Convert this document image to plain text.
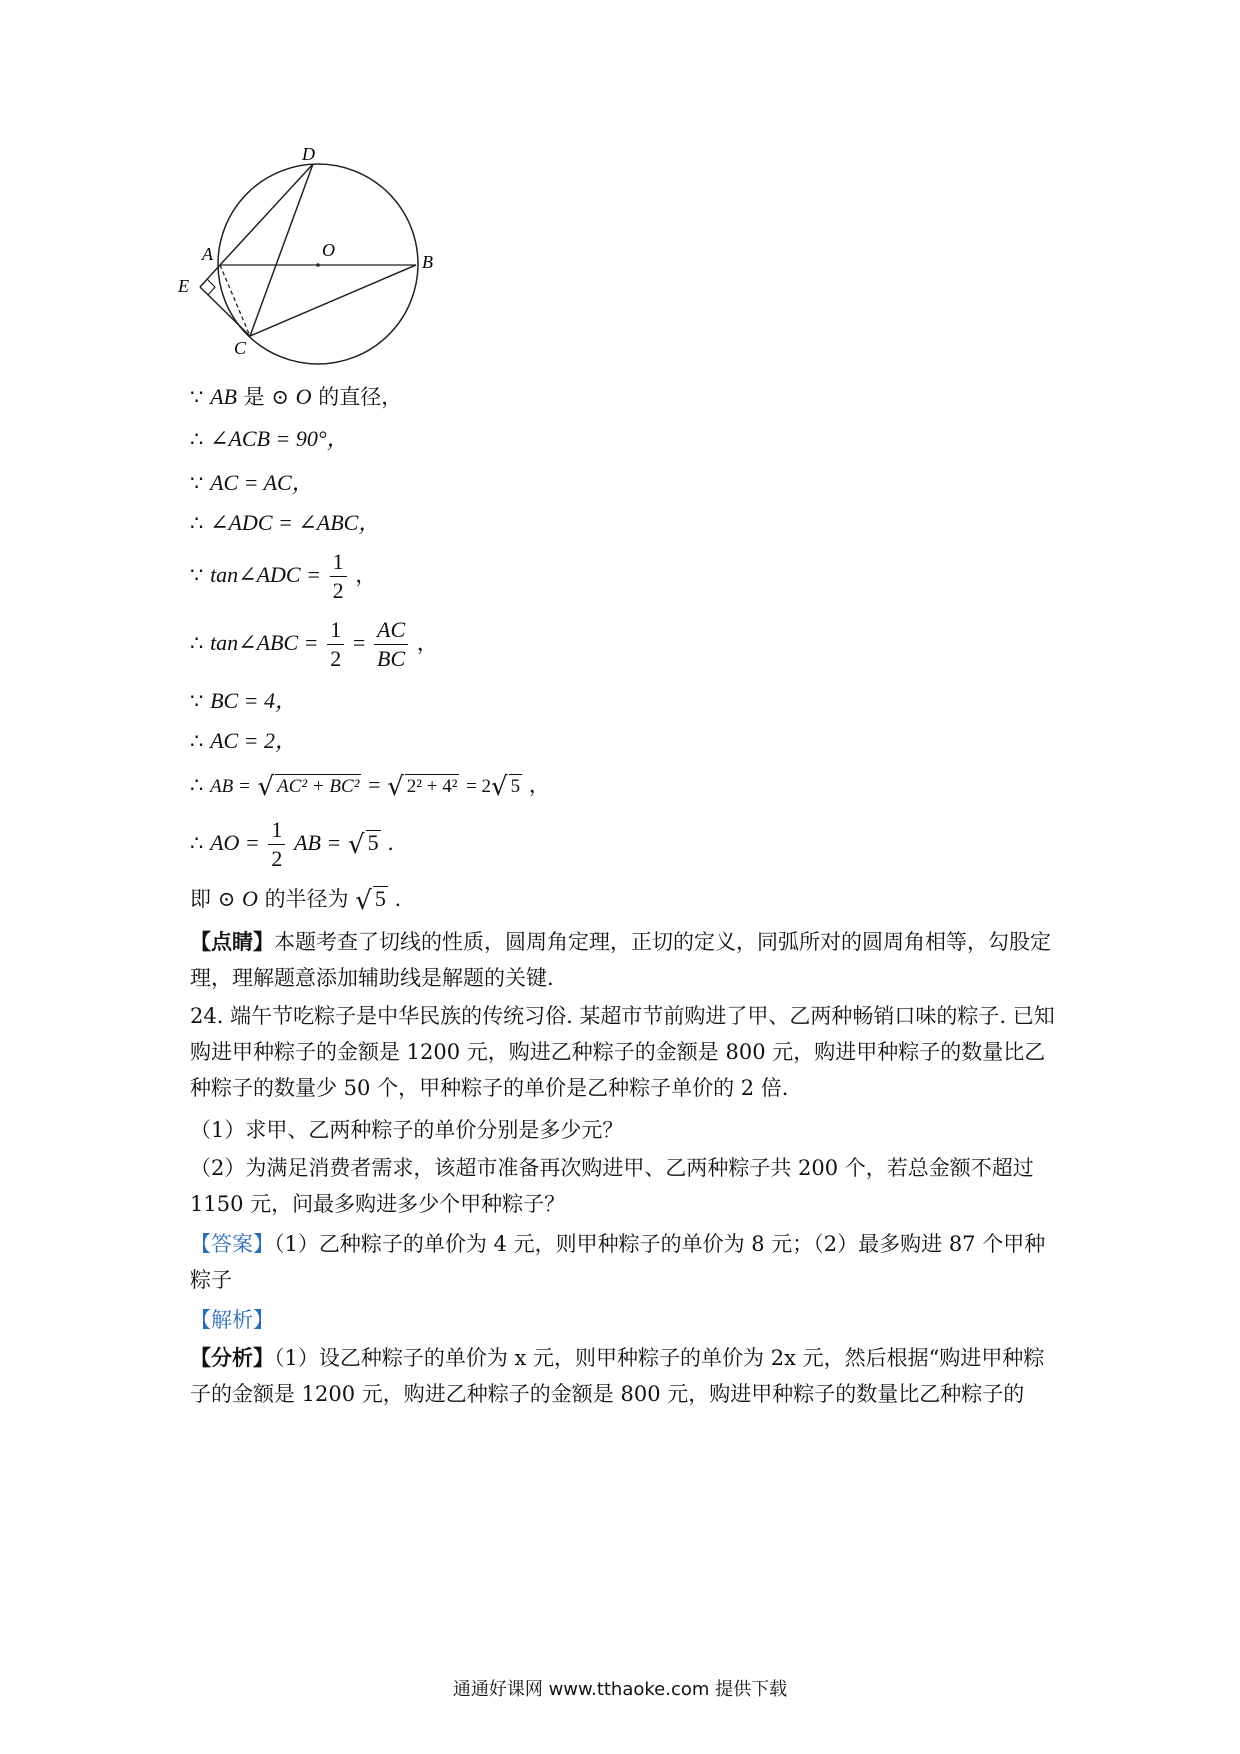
D
A	O
B
E
C
∵ AB 是 ⊙ O 的直径，
∴ ∠ACB = 90°，
∵ AC = AC，
∴ ∠ADC = ∠ABC，
∵ tan∠ADC = $\frac{1}{2}$ ，
∴ tan∠ABC = $\frac{1}{2} = \frac{AC}{BC}$ ，
∵ BC = 4，
∴ AC = 2，
∴ AB = √ AC² + BC² = √ 2² + 4² = 2√ 5 ，
∴ AO = $\frac{1}{2}$ AB = √ 5 .
即 ⊙ O 的半径为 √ 5 .
【点睛】本题考查了切线的性质，圆周角定理，正切的定义，同弧所对的圆周角相等，勾股定理，理解题意添加辅助线是解题的关键.
24. 端午节吃粽子是中华民族的传统习俗. 某超市节前购进了甲、乙两种畅销口味的粽子. 已知购进甲种粽子的金额是 1200 元，购进乙种粽子的金额是 800 元，购进甲种粽子的数量比乙种粽子的数量少 50 个，甲种粽子的单价是乙种粽子单价的 2 倍.
（1）求甲、乙两种粽子的单价分别是多少元？
（2）为满足消费者需求，该超市准备再次购进甲、乙两种粽子共 200 个，若总金额不超过 1150 元，问最多购进多少个甲种粽子？
【答案】（1）乙种粽子的单价为 4 元，则甲种粽子的单价为 8 元；（2）最多购进 87 个甲种粽子
【解析】
【分析】（1）设乙种粽子的单价为 x 元，则甲种粽子的单价为 2x 元，然后根据“购进甲种粽子的金额是 1200 元，购进乙种粽子的金额是 800 元，购进甲种粽子的数量比乙种粽子的
通通好课网 www.tthaoke.com 提供下载
